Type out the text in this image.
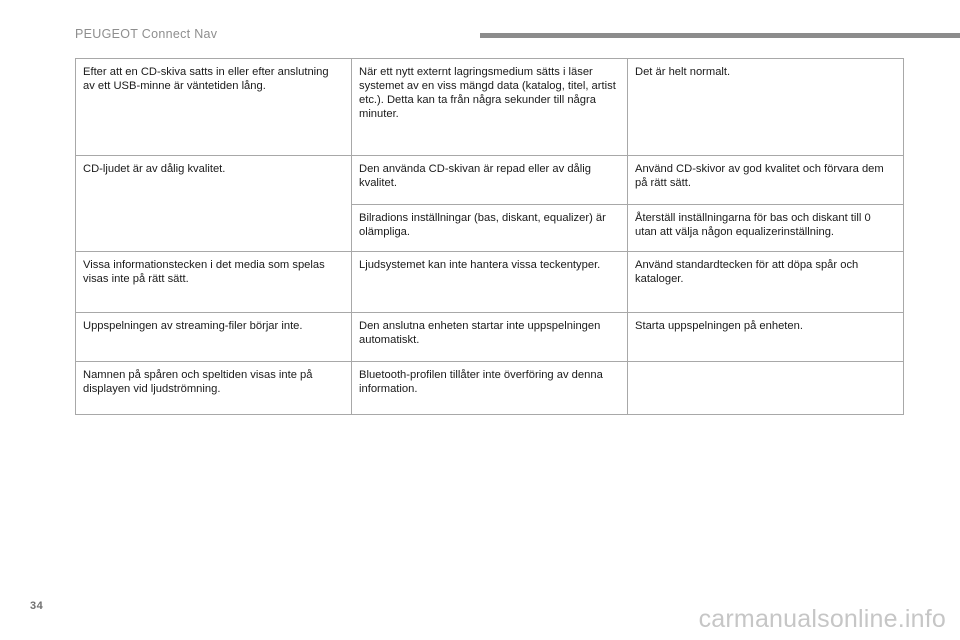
PEUGEOT Connect Nav
Efter att en CD-skiva satts in eller efter anslutning av ett USB-minne är väntetiden lång.	När ett nytt externt lagringsmedium sätts i läser systemet av en viss mängd data (katalog, titel, artist etc.). Detta kan ta från några sekunder till några minuter.	Det är helt normalt.
CD-ljudet är av dålig kvalitet.	Den använda CD-skivan är repad eller av dålig kvalitet.	Använd CD-skivor av god kvalitet och förvara dem på rätt sätt.
	Bilradions inställningar (bas, diskant, equalizer) är olämpliga.	Återställ inställningarna för bas och diskant till 0 utan att välja någon equalizerinställning.
Vissa informationstecken i det media som spelas visas inte på rätt sätt.	Ljudsystemet kan inte hantera vissa teckentyper.	Använd standardtecken för att döpa spår och kataloger.
Uppspelningen av streaming-filer börjar inte.	Den anslutna enheten startar inte uppspelningen automatiskt.	Starta uppspelningen på enheten.
Namnen på spåren och speltiden visas inte på displayen vid ljudströmning.	Bluetooth-profilen tillåter inte överföring av denna information.	
34	carmanualsonline.info
